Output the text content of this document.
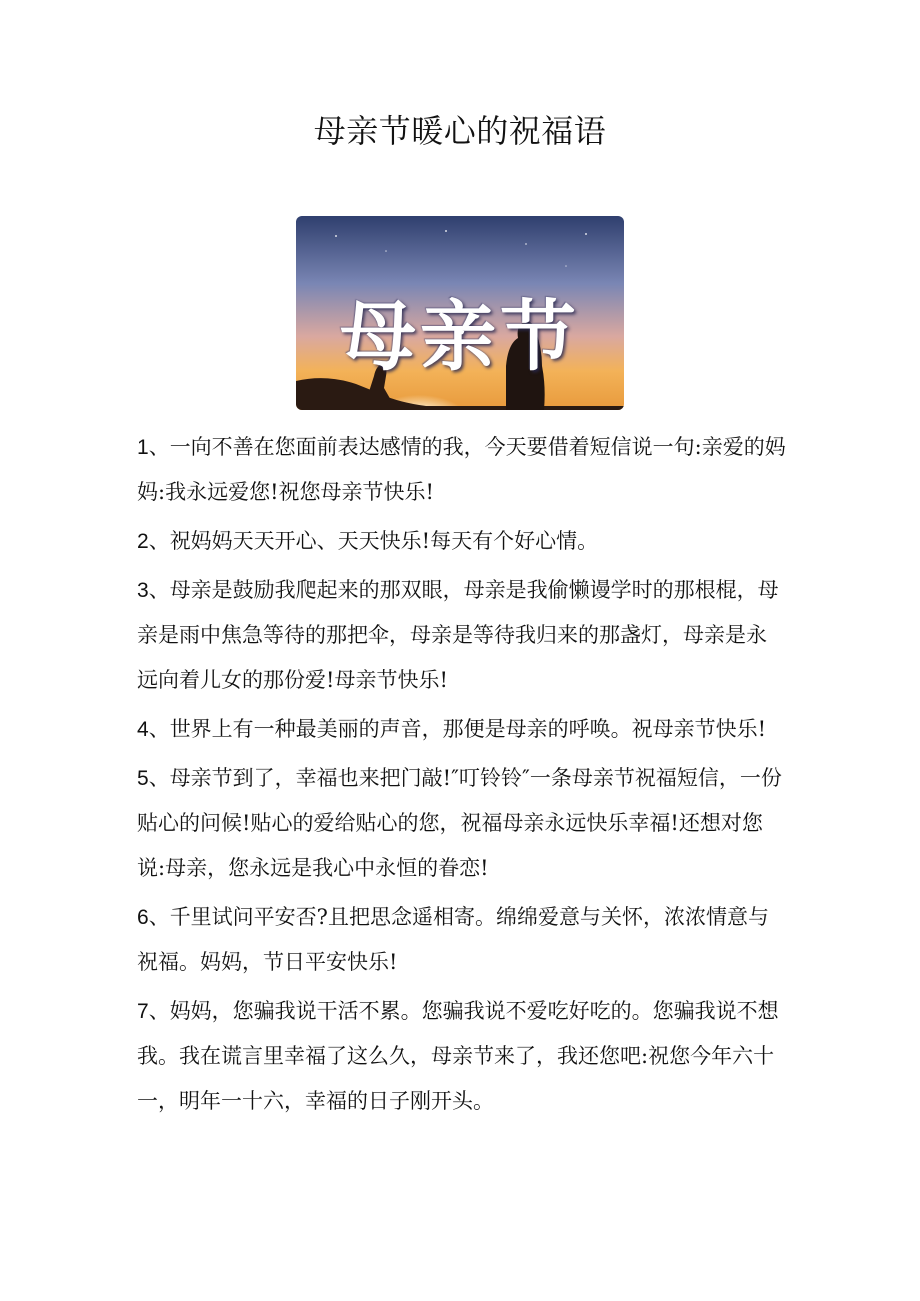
母亲节暖心的祝福语
母亲节

1、一向不善在您面前表达感情的我，今天要借着短信说一句:亲爱的妈妈:我永远爱您!祝您母亲节快乐!

2、祝妈妈天天开心、天天快乐!每天有个好心情。

3、母亲是鼓励我爬起来的那双眼，母亲是我偷懒谩学时的那根棍，母亲是雨中焦急等待的那把伞，母亲是等待我归来的那盏灯，母亲是永远向着儿女的那份爱!母亲节快乐!

4、世界上有一种最美丽的声音，那便是母亲的呼唤。祝母亲节快乐!

5、母亲节到了，幸福也来把门敲!″叮铃铃″一条母亲节祝福短信，一份贴心的问候!贴心的爱给贴心的您，祝福母亲永远快乐幸福!还想对您说:母亲，您永远是我心中永恒的眷恋!

6、千里试问平安否?且把思念遥相寄。绵绵爱意与关怀，浓浓情意与祝福。妈妈，节日平安快乐!

7、妈妈，您骗我说干活不累。您骗我说不爱吃好吃的。您骗我说不想我。我在谎言里幸福了这么久，母亲节来了，我还您吧:祝您今年六十一，明年一十六，幸福的日子刚开头。
